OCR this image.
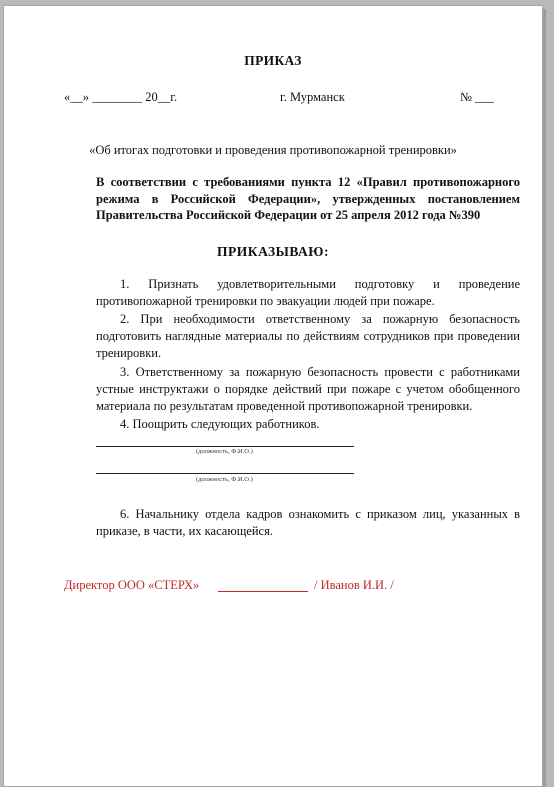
ПРИКАЗ
«__» ________ 20__г.	г. Мурманск	№ ___
«Об итогах подготовки и проведения противопожарной тренировки»
В соответствии с требованиями пункта 12 «Правил противопожарного режима в Российской Федерации», утвержденных постановлением Правительства Российской Федерации от 25 апреля 2012 года №390
ПРИКАЗЫВАЮ:
1. Признать удовлетворительными подготовку и проведение противопожарной тренировки по эвакуации людей при пожаре.
2. При необходимости ответственному за пожарную безопасность подготовить наглядные материалы по действиям сотрудников при проведении тренировки.
3. Ответственному за пожарную безопасность провести с работниками устные инструктажи о порядке действий при пожаре с учетом обобщенного материала по результатам проведенной противопожарной тренировки.
4. Поощрить следующих работников.
(должность, Ф.И.О.)
(должность, Ф.И.О.)
6. Начальнику отдела кадров ознакомить с приказом лиц, указанных в приказе, в части, их касающейся.
Директор ООО «СТЕРХ»	/ Иванов И.И. /
